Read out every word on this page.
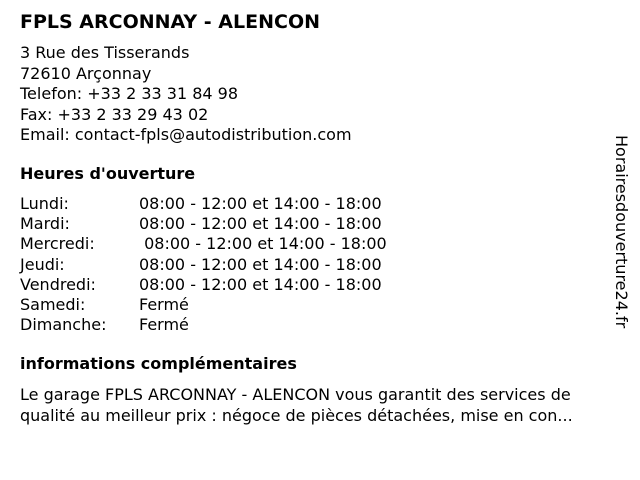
FPLS ARCONNAY - ALENCON
3 Rue des Tisserands
72610 Arçonnay
Telefon: +33 2 33 31 84 98
Fax: +33 2 33 29 43 02
Email: contact-fpls@autodistribution.com
Heures d'ouverture
Lundi:	08:00 - 12:00 et 14:00 - 18:00
Mardi:	08:00 - 12:00 et 14:00 - 18:00
Mercredi:	08:00 - 12:00 et 14:00 - 18:00
Jeudi:	08:00 - 12:00 et 14:00 - 18:00
Vendredi:	08:00 - 12:00 et 14:00 - 18:00
Samedi:	Fermé
Dimanche:	Fermé
informations complémentaires
Le garage FPLS ARCONNAY - ALENCON vous garantit des services de
qualité au meilleur prix : négoce de pièces détachées, mise en con...
Horairesdouverture24.fr
